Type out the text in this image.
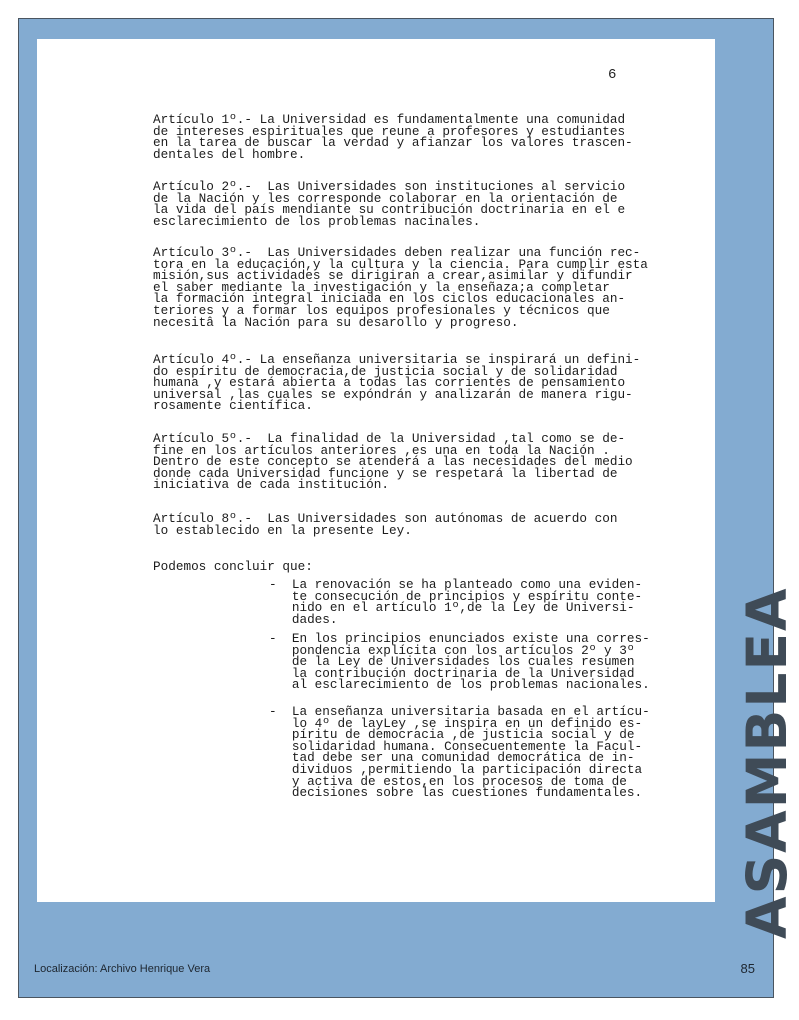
6
Artículo 1º.- La Universidad es fundamentalmente una comunidad
de intereses espirituales que reune a profesores y estudiantes
en la tarea de buscar la verdad y afianzar los valores trascen-
dentales del hombre.
Artículo 2º.-  Las Universidades son instituciones al servicio
de la Nación y les corresponde colaborar en la orientación de
la vida del país mendiante su contribución doctrinaria en el e
esclarecimiento de los problemas nacinales.
Artículo 3º.-  Las Universidades deben realizar una función rec-
tora en la educación,y la cultura y la ciencia. Para cumplir esta
misión,sus actividades se dirigiran a crear,asimilar y difundir
el saber mediante la investigación y la enseñaza;a completar
la formación integral iniciada en los ciclos educacionales an-
teriores y a formar los equipos profesionales y técnicos que
necesitâ la Nación para su desarollo y progreso.
Artículo 4º.- La enseñanza universitaria se inspirará un defini-
do espíritu de democracia,de justicia social y de solidaridad
humana ,y estará abierta a todas las corrientes de pensamiento
universal ,las cuales se expóndrán y analizarán de manera rigu-
rosamente científica.
Artículo 5º.-  La finalidad de la Universidad ,tal como se de-
fine en los artículos anteriores ,es una en toda la Nación .
Dentro de este concepto se atenderá a las necesidades del medio
donde cada Universidad funcione y se respetará la libertad de
iniciativa de cada institución.
Artículo 8º.-  Las Universidades son autónomas de acuerdo con
lo establecido en la presente Ley.
Podemos concluir que:
-  La renovación se ha planteado como una eviden-
te consecución de principios y espíritu conte-
nido en el artículo 1º,de la Ley de Universi-
dades.
-  En los principios enunciados existe una corres-
pondencia explícita con los artículos 2º y 3º
de la Ley de Universidades los cuales resumen
la contribución doctrinaria de la Universidad
al esclarecimiento de los problemas nacionales.
-  La enseñanza universitaria basada en el artícu-
lo 4º de layLey ,se inspira en un definido es-
píritu de democracia ,de justicia social y de
solidaridad humana. Consecuentemente la Facul-
tad debe ser una comunidad democrática de in-
dividuos ,permitiendo la participación directa
y activa de estos,en los procesos de toma de
decisiones sobre las cuestiones fundamentales. ASAMBLEA
Localización: Archivo Henrique Vera	85
